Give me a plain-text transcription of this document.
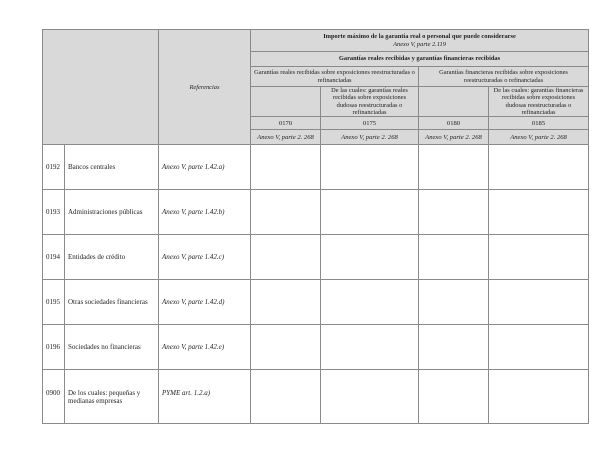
		Referencias	Importe máximo de la garantía real o personal que puede considerarse
Anexo V, parte 2.119			

			Garantías reales recibidas y garantías financieras recibidas			
			Garantías reales recibidas sobre exposiciones reestructuradas o refinanciadas		Garantías financieras recibidas sobre exposiciones reestructuradas o refinanciadas	
				De las cuales: garantías reales recibidas sobre exposiciones dudosas reestructuradas o refinanciadas		De las cuales: garantías financieras recibidas sobre exposiciones dudosas reestructuradas o refinanciadas
			0170	0175	0180	0185
			Anexo V, parte 2. 268	Anexo V, parte 2. 268	Anexo V, parte 2. 268	Anexo V, parte 2. 268
0192	Bancos centrales	Anexo V, parte 1.42.a)				
0193	Administraciones públicas	Anexo V, parte 1.42.b)				
0194	Entidades de crédito	Anexo V, parte 1.42.c)				
0195	Otras sociedades financieras	Anexo V, parte 1.42.d)				
0196	Sociedades no financieras	Anexo V, parte 1.42.e)				
0900	De los cuales: pequeñas y medianas empresas	PYME art. 1.2.a)				
